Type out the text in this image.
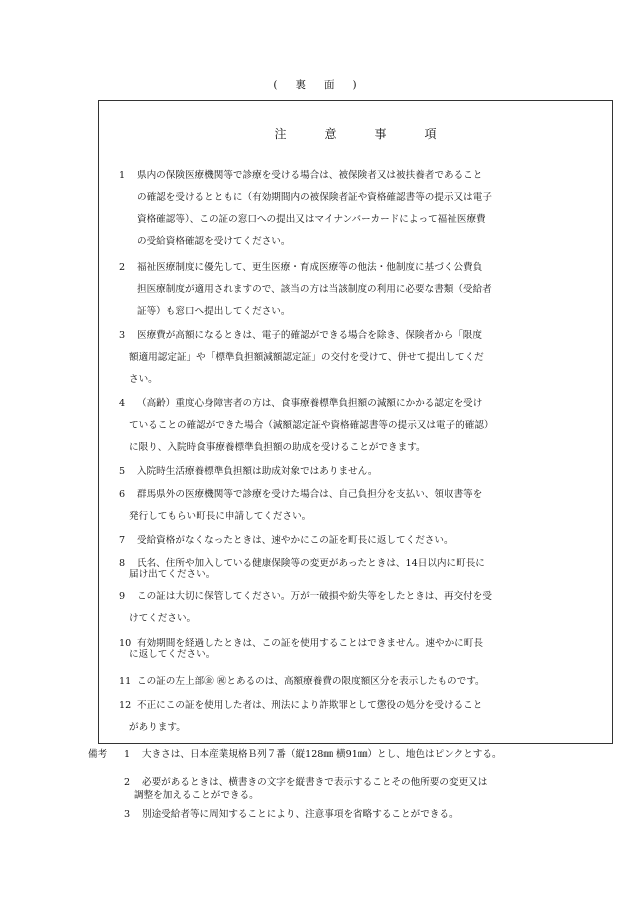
( 裏 面 )
注	意	事	項
1 県内の保険医療機関等で診療を受ける場合は、被保険者又は被扶養者であること
の確認を受けるとともに（有効期間内の被保険者証や資格確認書等の提示又は電子
資格確認等）、この証の窓口への提出又はマイナンバーカードによって福祉医療費
の受給資格確認を受けてください。
2 福祉医療制度に優先して、更生医療・育成医療等の他法・他制度に基づく公費負
担医療制度が適用されますので、該当の方は当該制度の利用に必要な書類（受給者
証等）も窓口へ提出してください。
3 医療費が高額になるときは、電子的確認ができる場合を除き、保険者から「限度
額適用認定証」や「標準負担額減額認定証」の交付を受けて、併せて提出してくだ
さい。
4 （高齢）重度心身障害者の方は、食事療養標準負担額の減額にかかる認定を受け
ていることの確認ができた場合（減額認定証や資格確認書等の提示又は電子的確認）
に限り、入院時食事療養標準負担額の助成を受けることができます。
5 入院時生活療養標準負担額は助成対象ではありません。
6 群馬県外の医療機関等で診療を受けた場合は、自己負担分を支払い、領収書等を
発行してもらい町長に申請してください。
7 受給資格がなくなったときは、速やかにこの証を町長に返してください。
8 氏名、住所や加入している健康保険等の変更があったときは、14日以内に町長に
届け出てください。
9 この証は大切に保管してください。万が一破損や紛失等をしたときは、再交付を受
けてください。
10 有効期間を経過したときは、この証を使用することはできません。速やかに町長
に返してください。
11 この証の左上部㊎ ㊗とあるのは、高額療養費の限度額区分を表示したものです。
12 不正にこの証を使用した者は、刑法により詐欺罪として懲役の処分を受けること
があります。
備考 1 大きさは、日本産業規格Ｂ列７番（縦128㎜ 横91㎜）とし、地色はピンクとする。
2 必要があるときは、横書きの文字を縦書きで表示することその他所要の変更又は
調整を加えることができる。
3 別途受給者等に周知することにより、注意事項を省略することができる。
